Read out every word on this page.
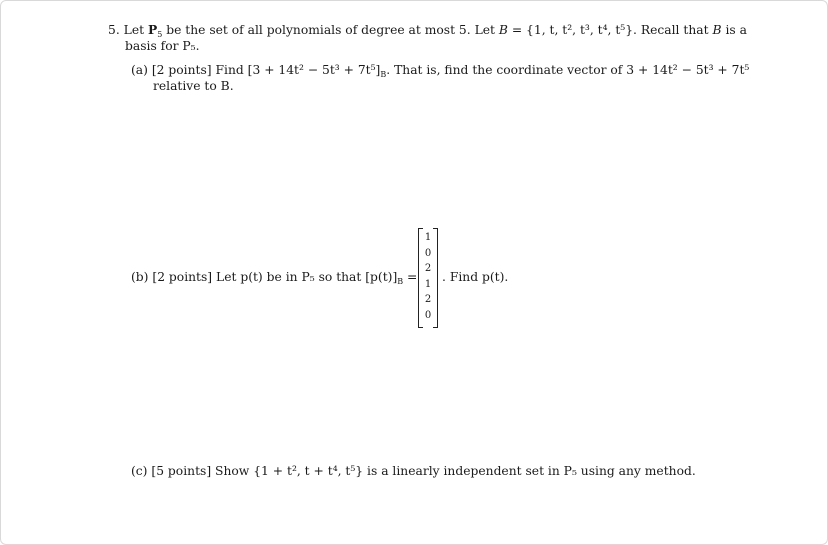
5. Let $P_5$ be the set of all polynomials of degree at most 5. Let B = {1, t, t², t³, t⁴, t⁵}. Recall that B is a
basis for P₅.
(a) [2 points] Find $[3 + 14t^2 - 5t^3 + 7t^5]_B$. That is, find the coordinate vector of 3 + 14t² − 5t³ + 7t⁵
relative to B.
(b) [2 points] Let p(t) be in P₅ so that $[p(t)]_B$ =
1
0
2
1
2
0
. Find p(t).
(c) [5 points] Show {1 + t², t + t⁴, t⁵} is a linearly independent set in P₅ using any method.
